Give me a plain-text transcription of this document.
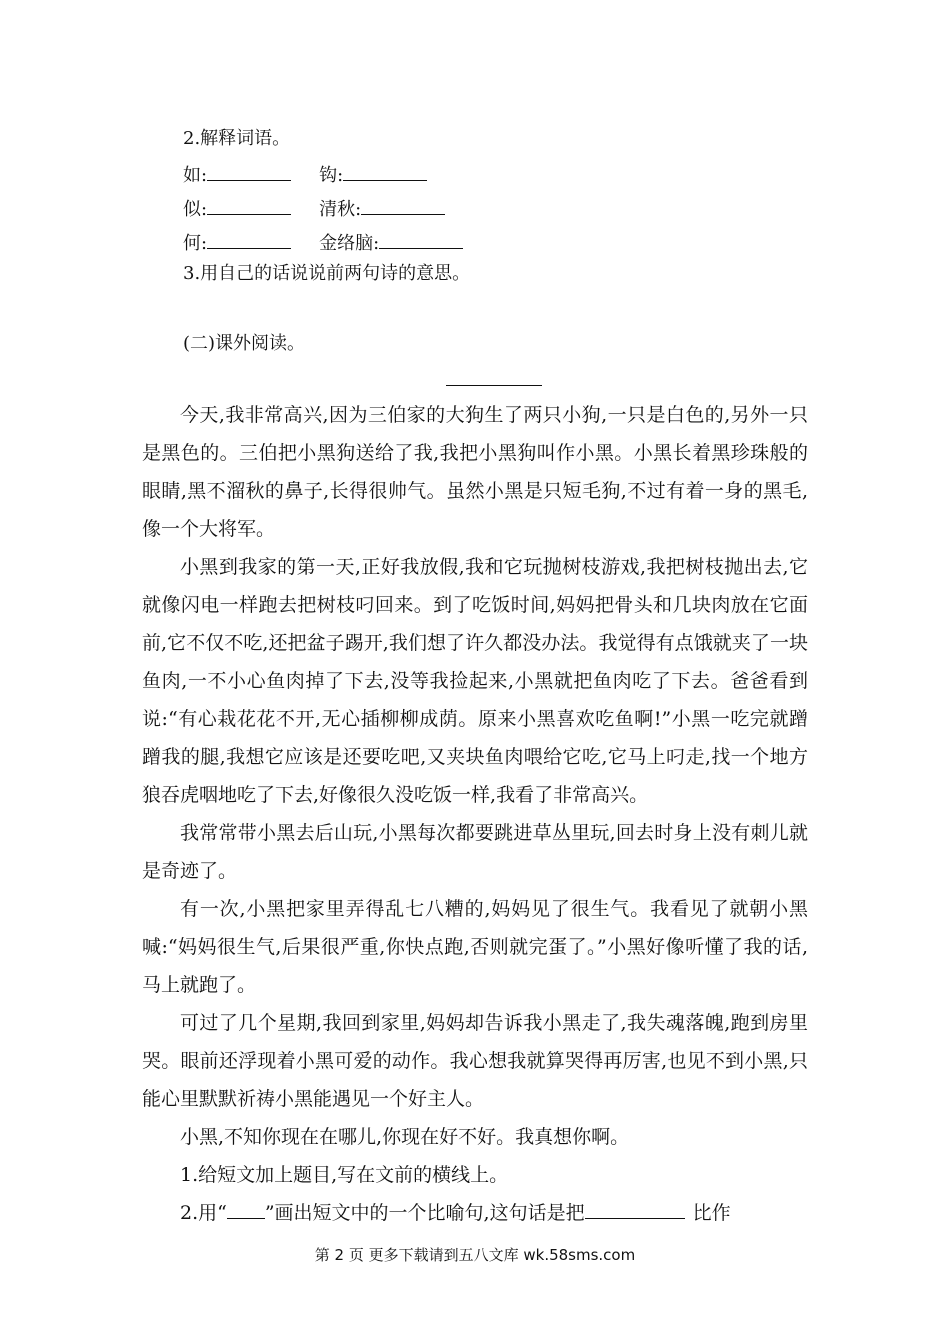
2.解释词语。
如:	钩:
似:	清秋:
何:	金络脑:
3.用自己的话说说前两句诗的意思。
(二)课外阅读。
今天,我非常高兴,因为三伯家的大狗生了两只小狗,一只是白色的,另外一只是黑色的。三伯把小黑狗送给了我,我把小黑狗叫作小黑。小黑长着黑珍珠般的眼睛,黑不溜秋的鼻子,长得很帅气。虽然小黑是只短毛狗,不过有着一身的黑毛,像一个大将军。
小黑到我家的第一天,正好我放假,我和它玩抛树枝游戏,我把树枝抛出去,它就像闪电一样跑去把树枝叼回来。到了吃饭时间,妈妈把骨头和几块肉放在它面前,它不仅不吃,还把盆子踢开,我们想了许久都没办法。我觉得有点饿就夹了一块鱼肉,一不小心鱼肉掉了下去,没等我捡起来,小黑就把鱼肉吃了下去。爸爸看到说:“有心栽花花不开,无心插柳柳成荫。原来小黑喜欢吃鱼啊!”小黑一吃完就蹭蹭我的腿,我想它应该是还要吃吧,又夹块鱼肉喂给它吃,它马上叼走,找一个地方狼吞虎咽地吃了下去,好像很久没吃饭一样,我看了非常高兴。
我常常带小黑去后山玩,小黑每次都要跳进草丛里玩,回去时身上没有刺儿就是奇迹了。
有一次,小黑把家里弄得乱七八糟的,妈妈见了很生气。我看见了就朝小黑喊:“妈妈很生气,后果很严重,你快点跑,否则就完蛋了。”小黑好像听懂了我的话,马上就跑了。
可过了几个星期,我回到家里,妈妈却告诉我小黑走了,我失魂落魄,跑到房里哭。眼前还浮现着小黑可爱的动作。我心想我就算哭得再厉害,也见不到小黑,只能心里默默祈祷小黑能遇见一个好主人。
小黑,不知你现在在哪儿,你现在好不好。我真想你啊。
1.给短文加上题目,写在文前的横线上。
2.用“ ”画出短文中的一个比喻句,这句话是把	比作
第 2 页 更多下载请到五八文库 wk.58sms.com
